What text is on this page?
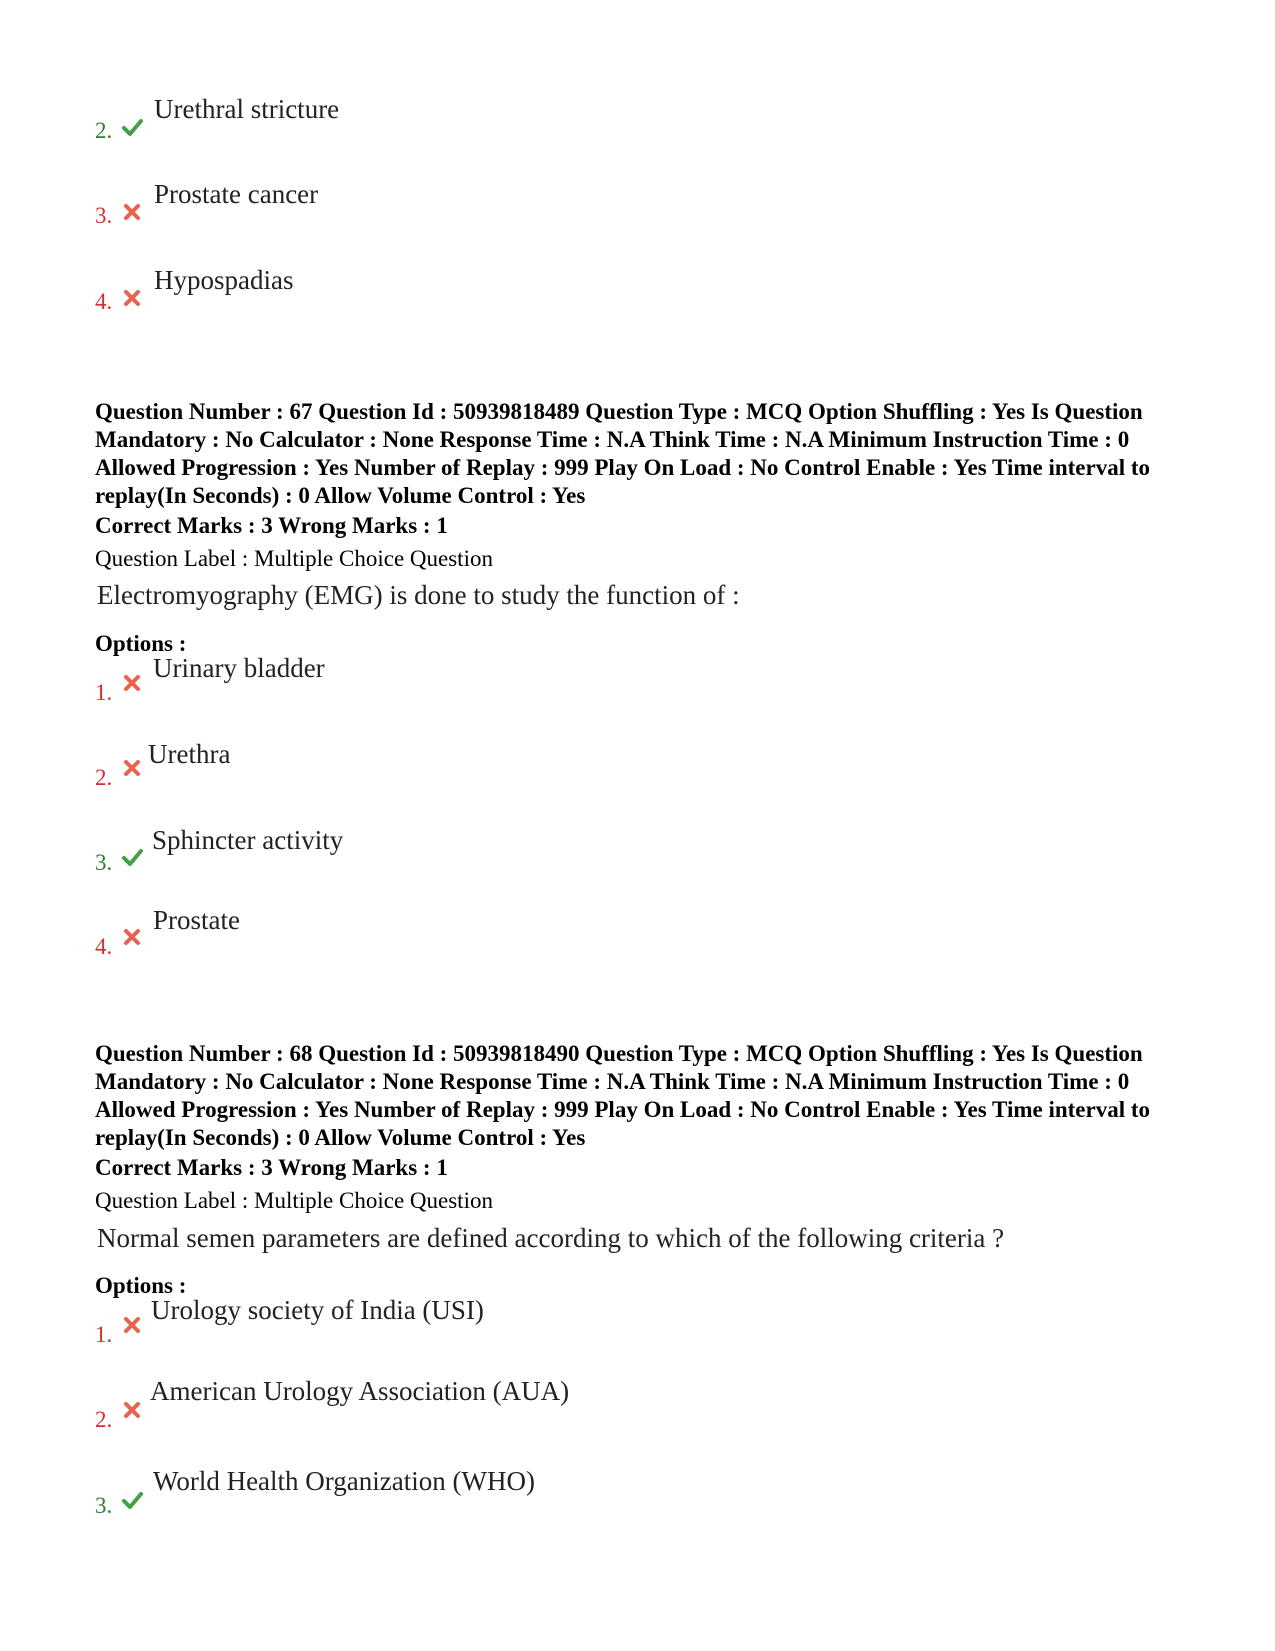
2.
Urethral stricture
3.
Prostate cancer
4.
Hypospadias

Question Number : 67 Question Id : 50939818489 Question Type : MCQ Option Shuffling : Yes Is Question Mandatory : No Calculator : None Response Time : N.A Think Time : N.A Minimum Instruction Time : 0 Allowed Progression : Yes Number of Replay : 999 Play On Load : No Control Enable : Yes Time interval to replay(In Seconds) : 0 Allow Volume Control : Yes

Correct Marks : 3 Wrong Marks : 1
Question Label : Multiple Choice Question
Electromyography (EMG) is done to study the function of :
Options :
1.
Urinary bladder
2.
Urethra
3.
Sphincter activity
4.
Prostate

Question Number : 68 Question Id : 50939818490 Question Type : MCQ Option Shuffling : Yes Is Question Mandatory : No Calculator : None Response Time : N.A Think Time : N.A Minimum Instruction Time : 0 Allowed Progression : Yes Number of Replay : 999 Play On Load : No Control Enable : Yes Time interval to replay(In Seconds) : 0 Allow Volume Control : Yes

Correct Marks : 3 Wrong Marks : 1
Question Label : Multiple Choice Question
Normal semen parameters are defined according to which of the following criteria ?
Options :
1.
Urology society of India (USI)
2.
American Urology Association (AUA)
3.
World Health Organization (WHO)
